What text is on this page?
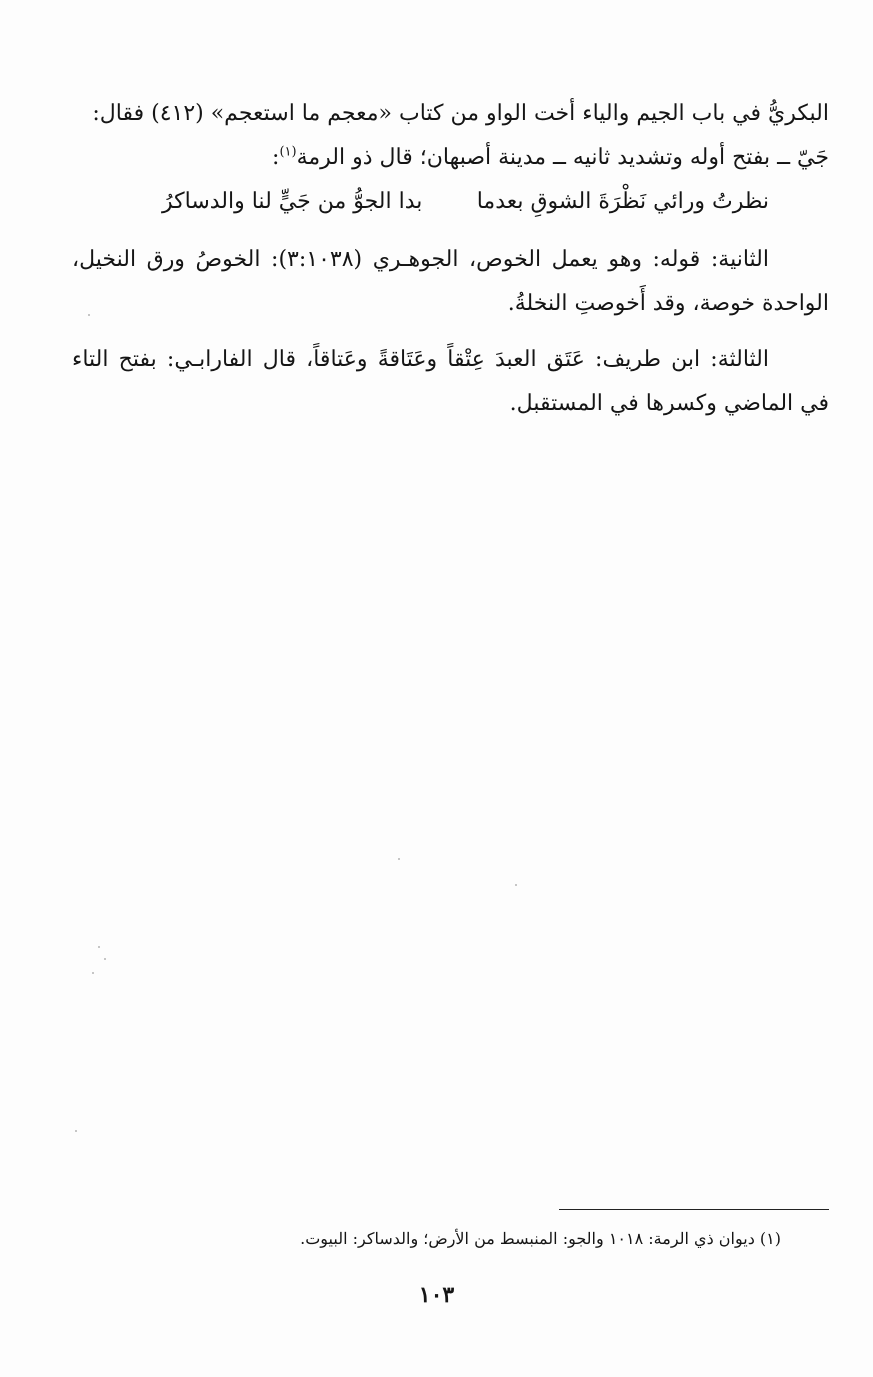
البكريُّ في باب الجيم والياء أخت الواو من كتاب «معجم ما استعجم» (٤١٢) فقال:
جَيّ ــ بفتح أوله وتشديد ثانيه ــ مدينة أصبهان؛ قال ذو الرمة$^{(١)}$:

نظرتُ ورائي نَظْرَةَ الشوقِ بعدما
بدا الجوُّ من جَيٍّ لنا والدساكرُ

الثانية: قوله: وهو يعمل الخوص، الجوهـري (٣:١٠٣٨): الخوصُ ورق النخيل، الواحدة خوصة، وقد أَخوصتِ النخلةُ.

الثالثة: ابن طريف: عَتَق العبدَ عِتْقاً وعَتَاقةً وعَتاقاً، قال الفارابـي: بفتح التاء في الماضي وكسرها في المستقبل.

(١) ديوان ذي الرمة: ١٠١٨ والجو: المنبسط من الأرض؛ والدساكر: البيوت.
١٠٣
